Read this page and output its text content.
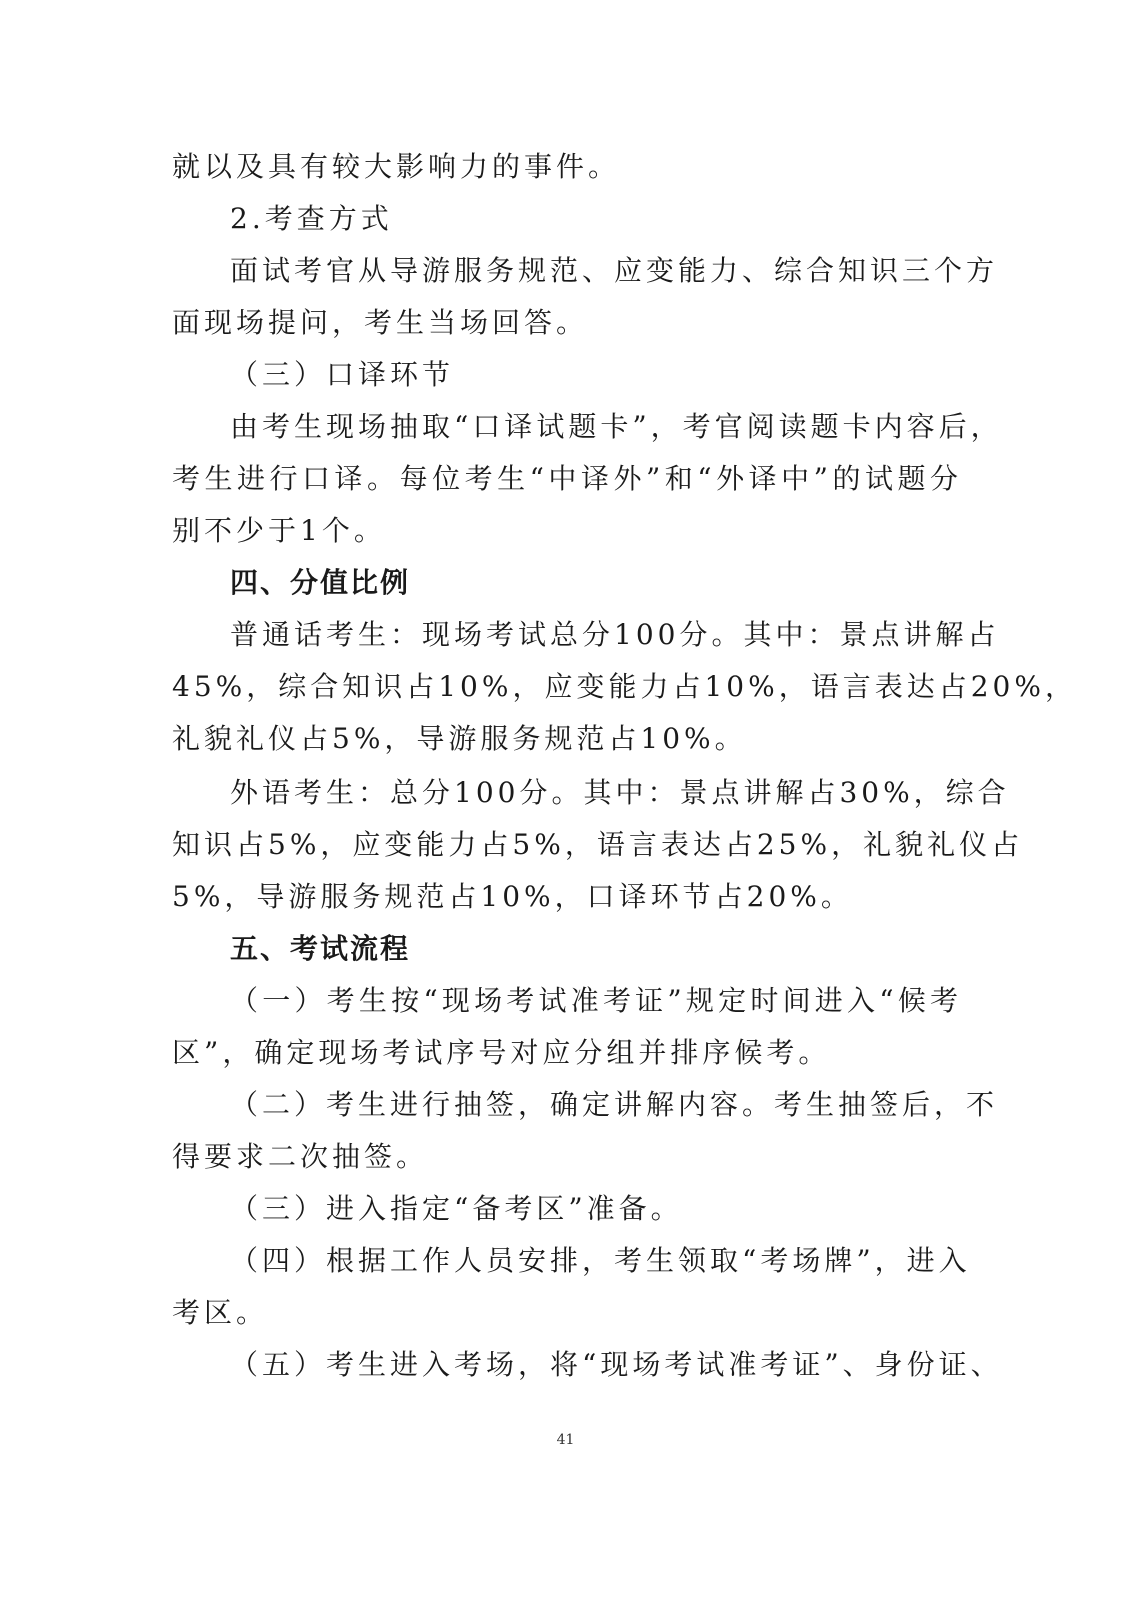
就以及具有较大影响力的事件。
2.考查方式
面试考官从导游服务规范、应变能力、综合知识三个方
面现场提问，考生当场回答。
（三）口译环节
由考生现场抽取“口译试题卡”，考官阅读题卡内容后，
考生进行口译。每位考生“中译外”和“外译中”的试题分
别不少于1个。
四、分值比例
普通话考生：现场考试总分100分。其中：景点讲解占
45%，综合知识占10%，应变能力占10%，语言表达占20%，
礼貌礼仪占5%，导游服务规范占10%。
外语考生：总分100分。其中：景点讲解占30%，综合
知识占5%，应变能力占5%，语言表达占25%，礼貌礼仪占
5%，导游服务规范占10%，口译环节占20%。
五、考试流程
（一）考生按“现场考试准考证”规定时间进入“候考
区”，确定现场考试序号对应分组并排序候考。
（二）考生进行抽签，确定讲解内容。考生抽签后，不
得要求二次抽签。
（三）进入指定“备考区”准备。
（四）根据工作人员安排，考生领取“考场牌”，进入
考区。
（五）考生进入考场，将“现场考试准考证”、身份证、
41
